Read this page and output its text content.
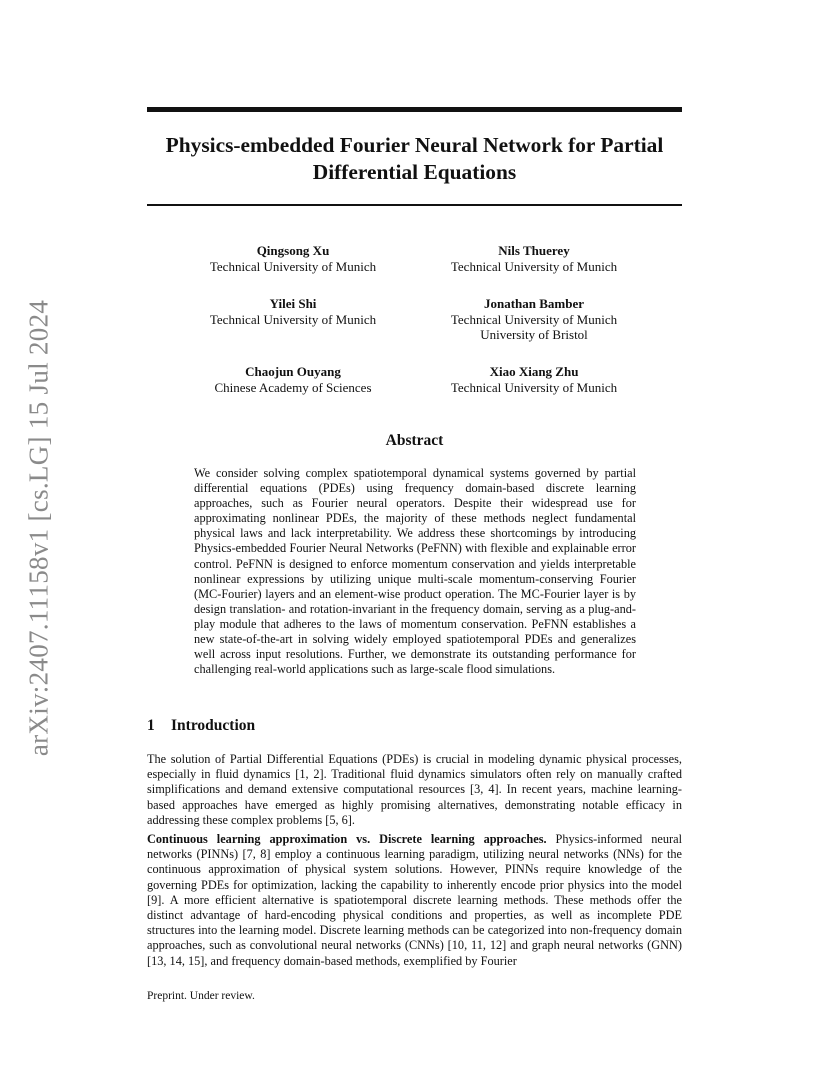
arXiv:2407.11158v1 [cs.LG] 15 Jul 2024
Physics-embedded Fourier Neural Network for Partial Differential Equations
Qingsong Xu
Technical University of Munich
Nils Thuerey
Technical University of Munich
Yilei Shi
Technical University of Munich
Jonathan Bamber
Technical University of Munich
University of Bristol
Chaojun Ouyang
Chinese Academy of Sciences
Xiao Xiang Zhu
Technical University of Munich
Abstract
We consider solving complex spatiotemporal dynamical systems governed by partial differential equations (PDEs) using frequency domain-based discrete learning approaches, such as Fourier neural operators. Despite their widespread use for approximating nonlinear PDEs, the majority of these methods neglect fundamental physical laws and lack interpretability. We address these shortcomings by introducing Physics-embedded Fourier Neural Networks (PeFNN) with flexible and explainable error control. PeFNN is designed to enforce momentum conservation and yields interpretable nonlinear expressions by utilizing unique multi-scale momentum-conserving Fourier (MC-Fourier) layers and an element-wise product operation. The MC-Fourier layer is by design translation- and rotation-invariant in the frequency domain, serving as a plug-and-play module that adheres to the laws of momentum conservation. PeFNN establishes a new state-of-the-art in solving widely employed spatiotemporal PDEs and generalizes well across input resolutions. Further, we demonstrate its outstanding performance for challenging real-world applications such as large-scale flood simulations.
1 Introduction
The solution of Partial Differential Equations (PDEs) is crucial in modeling dynamic physical processes, especially in fluid dynamics [1, 2]. Traditional fluid dynamics simulators often rely on manually crafted simplifications and demand extensive computational resources [3, 4]. In recent years, machine learning-based approaches have emerged as highly promising alternatives, demonstrating notable efficacy in addressing these complex problems [5, 6].
Continuous learning approximation vs. Discrete learning approaches. Physics-informed neural networks (PINNs) [7, 8] employ a continuous learning paradigm, utilizing neural networks (NNs) for the continuous approximation of physical system solutions. However, PINNs require knowledge of the governing PDEs for optimization, lacking the capability to inherently encode prior physics into the model [9]. A more efficient alternative is spatiotemporal discrete learning methods. These methods offer the distinct advantage of hard-encoding physical conditions and properties, as well as incomplete PDE structures into the learning model. Discrete learning methods can be categorized into non-frequency domain approaches, such as convolutional neural networks (CNNs) [10, 11, 12] and graph neural networks (GNN) [13, 14, 15], and frequency domain-based methods, exemplified by Fourier
Preprint. Under review.
